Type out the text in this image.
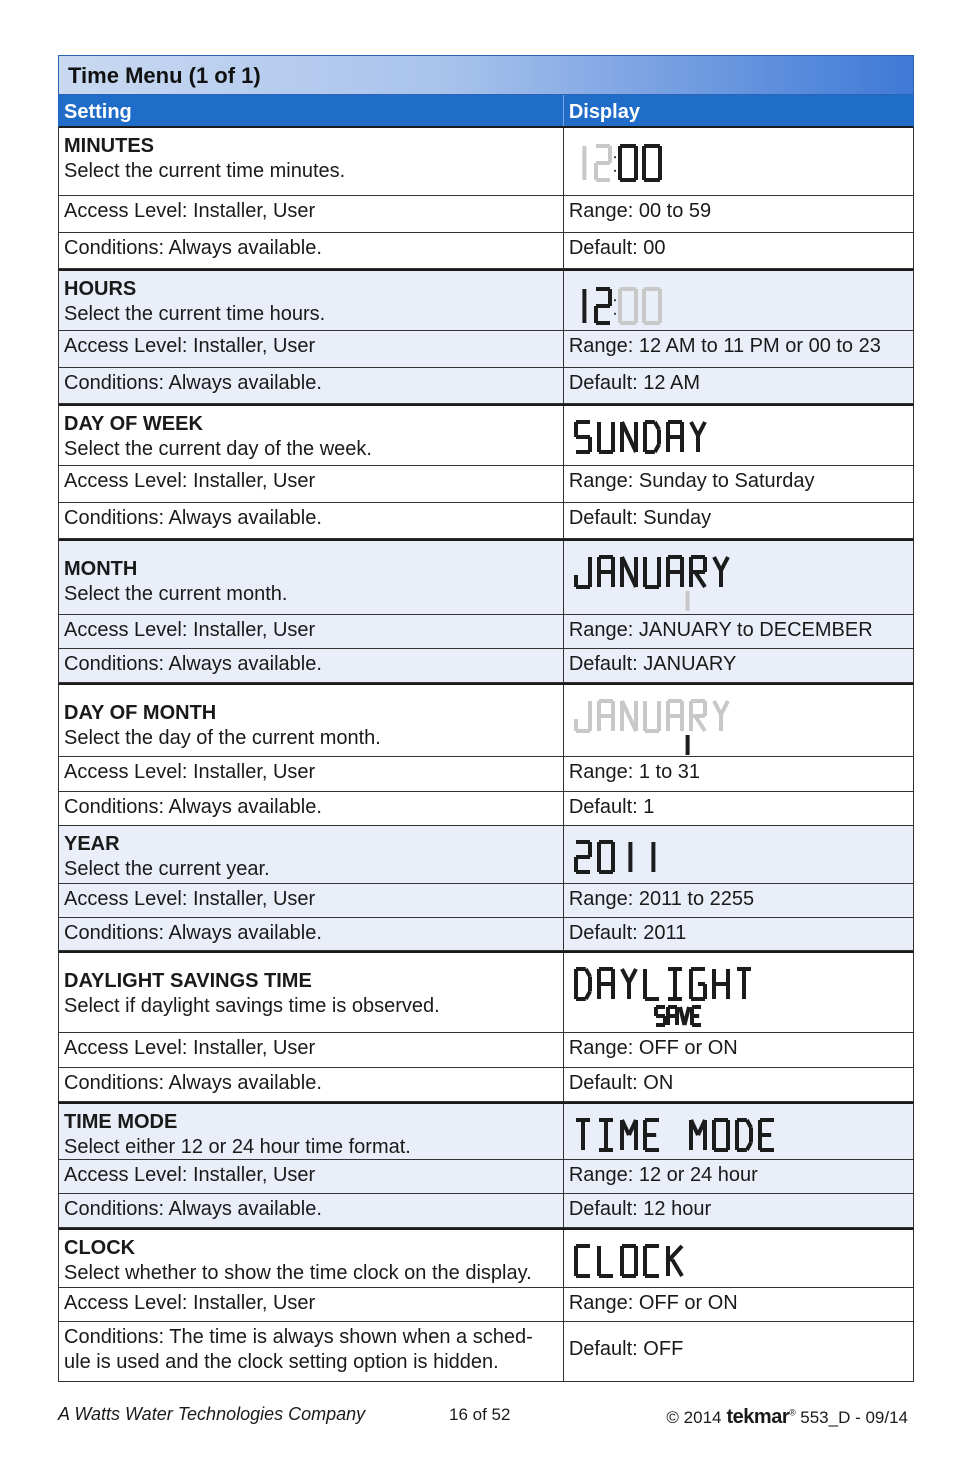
Time Menu (1 of 1)
Setting	Display
MINUTES
Select the current time minutes.
Access Level: Installer, User	Range: 00 to 59
Conditions: Always available.	Default: 00
HOURS
Select the current time hours.
Access Level: Installer, User	Range: 12 AM to 11 PM or 00 to 23
Conditions: Always available.	Default: 12 AM
DAY OF WEEK
Select the current day of the week.
Access Level: Installer, User	Range: Sunday to Saturday
Conditions: Always available.	Default: Sunday
MONTH
Select the current month.
Access Level: Installer, User	Range: JANUARY to DECEMBER
Conditions: Always available.	Default: JANUARY
DAY OF MONTH
Select the day of the current month.
Access Level: Installer, User	Range: 1 to 31
Conditions: Always available.	Default: 1
YEAR
Select the current year.
Access Level: Installer, User	Range: 2011 to 2255
Conditions: Always available.	Default: 2011
DAYLIGHT SAVINGS TIME
Select if daylight savings time is observed.
Access Level: Installer, User	Range: OFF or ON
Conditions: Always available.	Default: ON
TIME MODE
Select either 12 or 24 hour time format.
Access Level: Installer, User	Range: 12 or 24 hour
Conditions: Always available.	Default: 12 hour
CLOCK
Select whether to show the time clock on the display.
Access Level: Installer, User	Range: OFF or ON
Conditions: The time is always shown when a sched-ule is used and the clock setting option is hidden.
Default: OFF
A Watts Water Technologies Company	16 of 52	© 2014 tekmar® 553_D - 09/14
